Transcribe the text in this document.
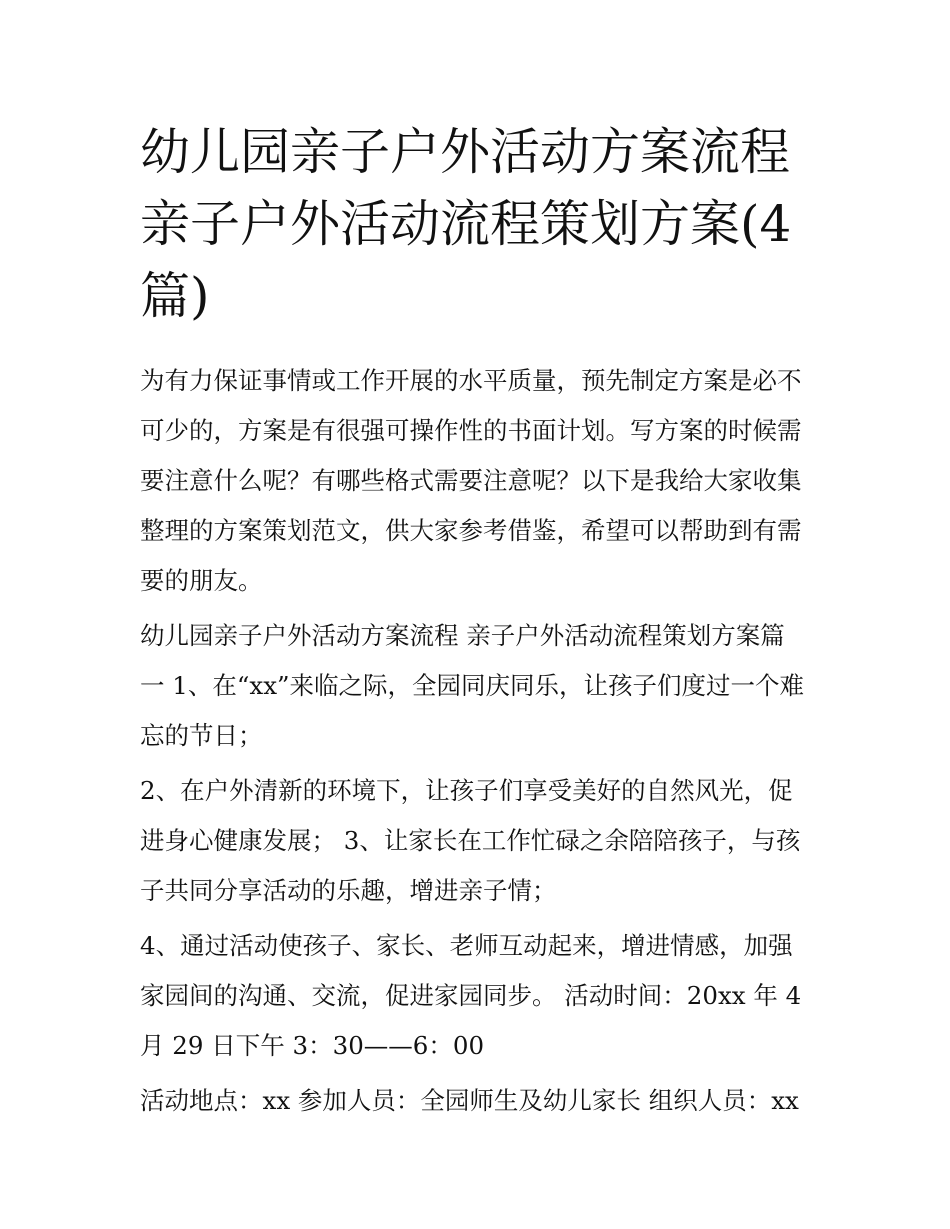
幼儿园亲子户外活动方案流程
亲子户外活动流程策划方案(4
篇)
为有力保证事情或工作开展的水平质量，预先制定方案是必不
可少的，方案是有很强可操作性的书面计划。写方案的时候需
要注意什么呢？有哪些格式需要注意呢？以下是我给大家收集
整理的方案策划范文，供大家参考借鉴，希望可以帮助到有需
要的朋友。
幼儿园亲子户外活动方案流程 亲子户外活动流程策划方案篇
一 1、在“xx”来临之际，全园同庆同乐，让孩子们度过一个难
忘的节日；
2、在户外清新的环境下，让孩子们享受美好的自然风光，促
进身心健康发展； 3、让家长在工作忙碌之余陪陪孩子，与孩
子共同分享活动的乐趣，增进亲子情；
4、通过活动使孩子、家长、老师互动起来，增进情感，加强
家园间的沟通、交流，促进家园同步。 活动时间：20xx 年 4
月 29 日下午 3：30——6：00
活动地点：xx 参加人员：全园师生及幼儿家长 组织人员：xx
